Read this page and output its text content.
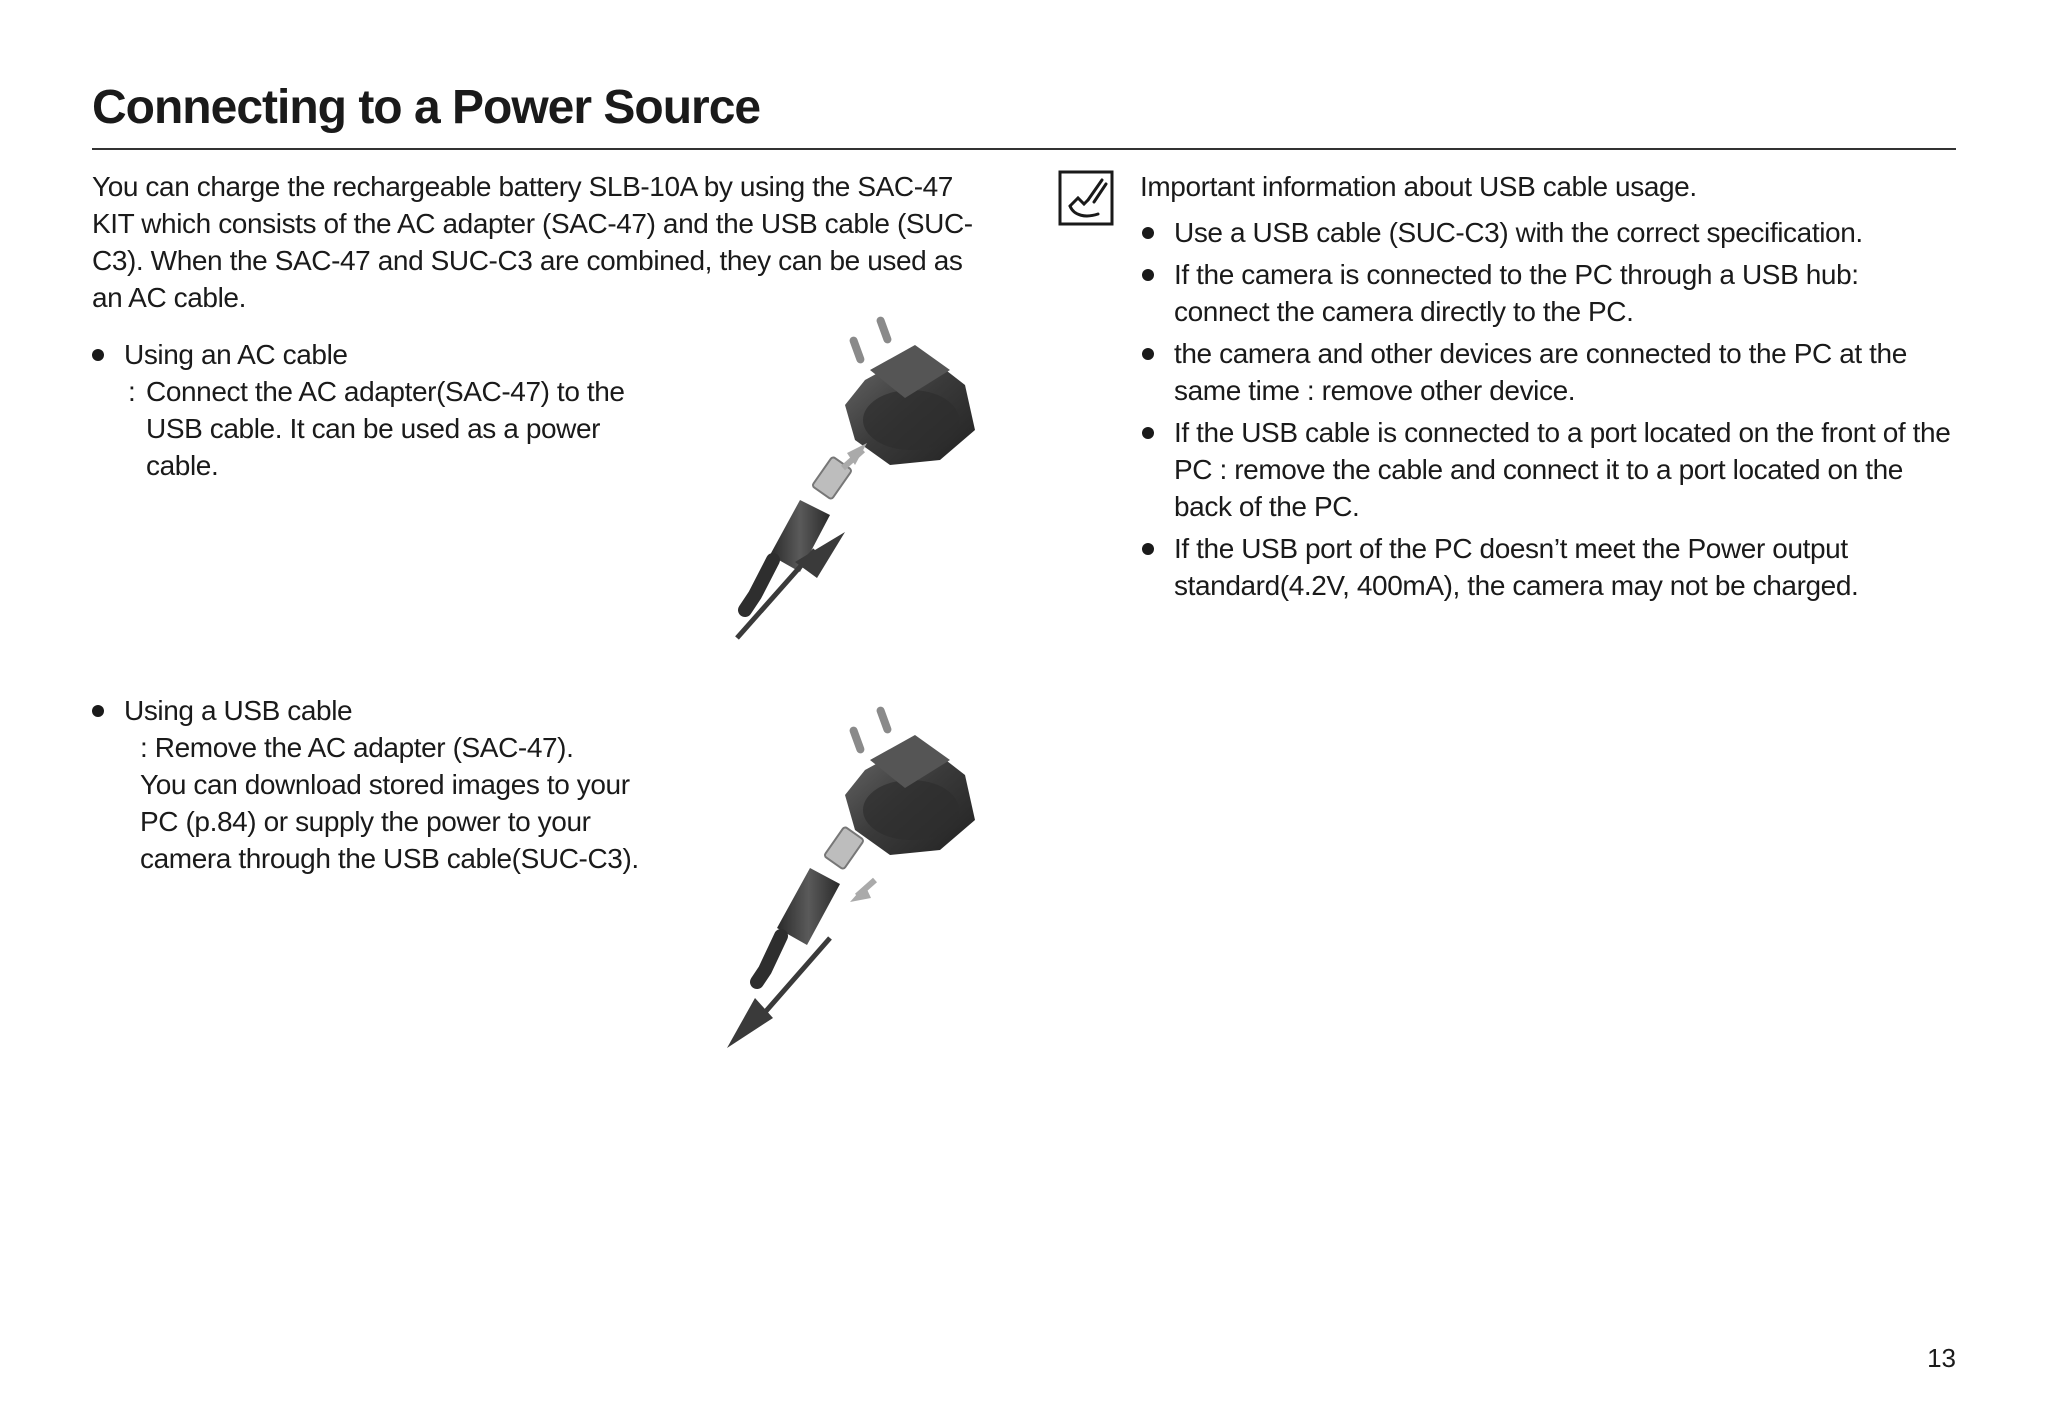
Connecting to a Power Source

You can charge the rechargeable battery SLB-10A by using the SAC-47 KIT which consists of the AC adapter (SAC-47) and the USB cable (SUC-C3). When the SAC-47 and SUC-C3 are combined, they can be used as an AC cable.

Using an AC cable

: Connect the AC adapter(SAC-47) to the USB cable. It can be used as a power cable.

Using a USB cable

: Remove the AC adapter (SAC-47).
You can download stored images to your
PC (p.84) or supply the power to your
camera through the USB cable(SUC-C3).

Important information about USB cable usage.

Use a USB cable (SUC-C3) with the correct specification.
If the camera is connected to the PC through a USB hub: connect the camera directly to the PC.
the camera and other devices are connected to the PC at the same time : remove other device.
If the USB cable is connected to a port located on the front of the PC : remove the cable and connect it to a port located on the back of the PC.
If the USB port of the PC doesn’t meet the Power output standard(4.2V, 400mA), the camera may not be charged.

13
